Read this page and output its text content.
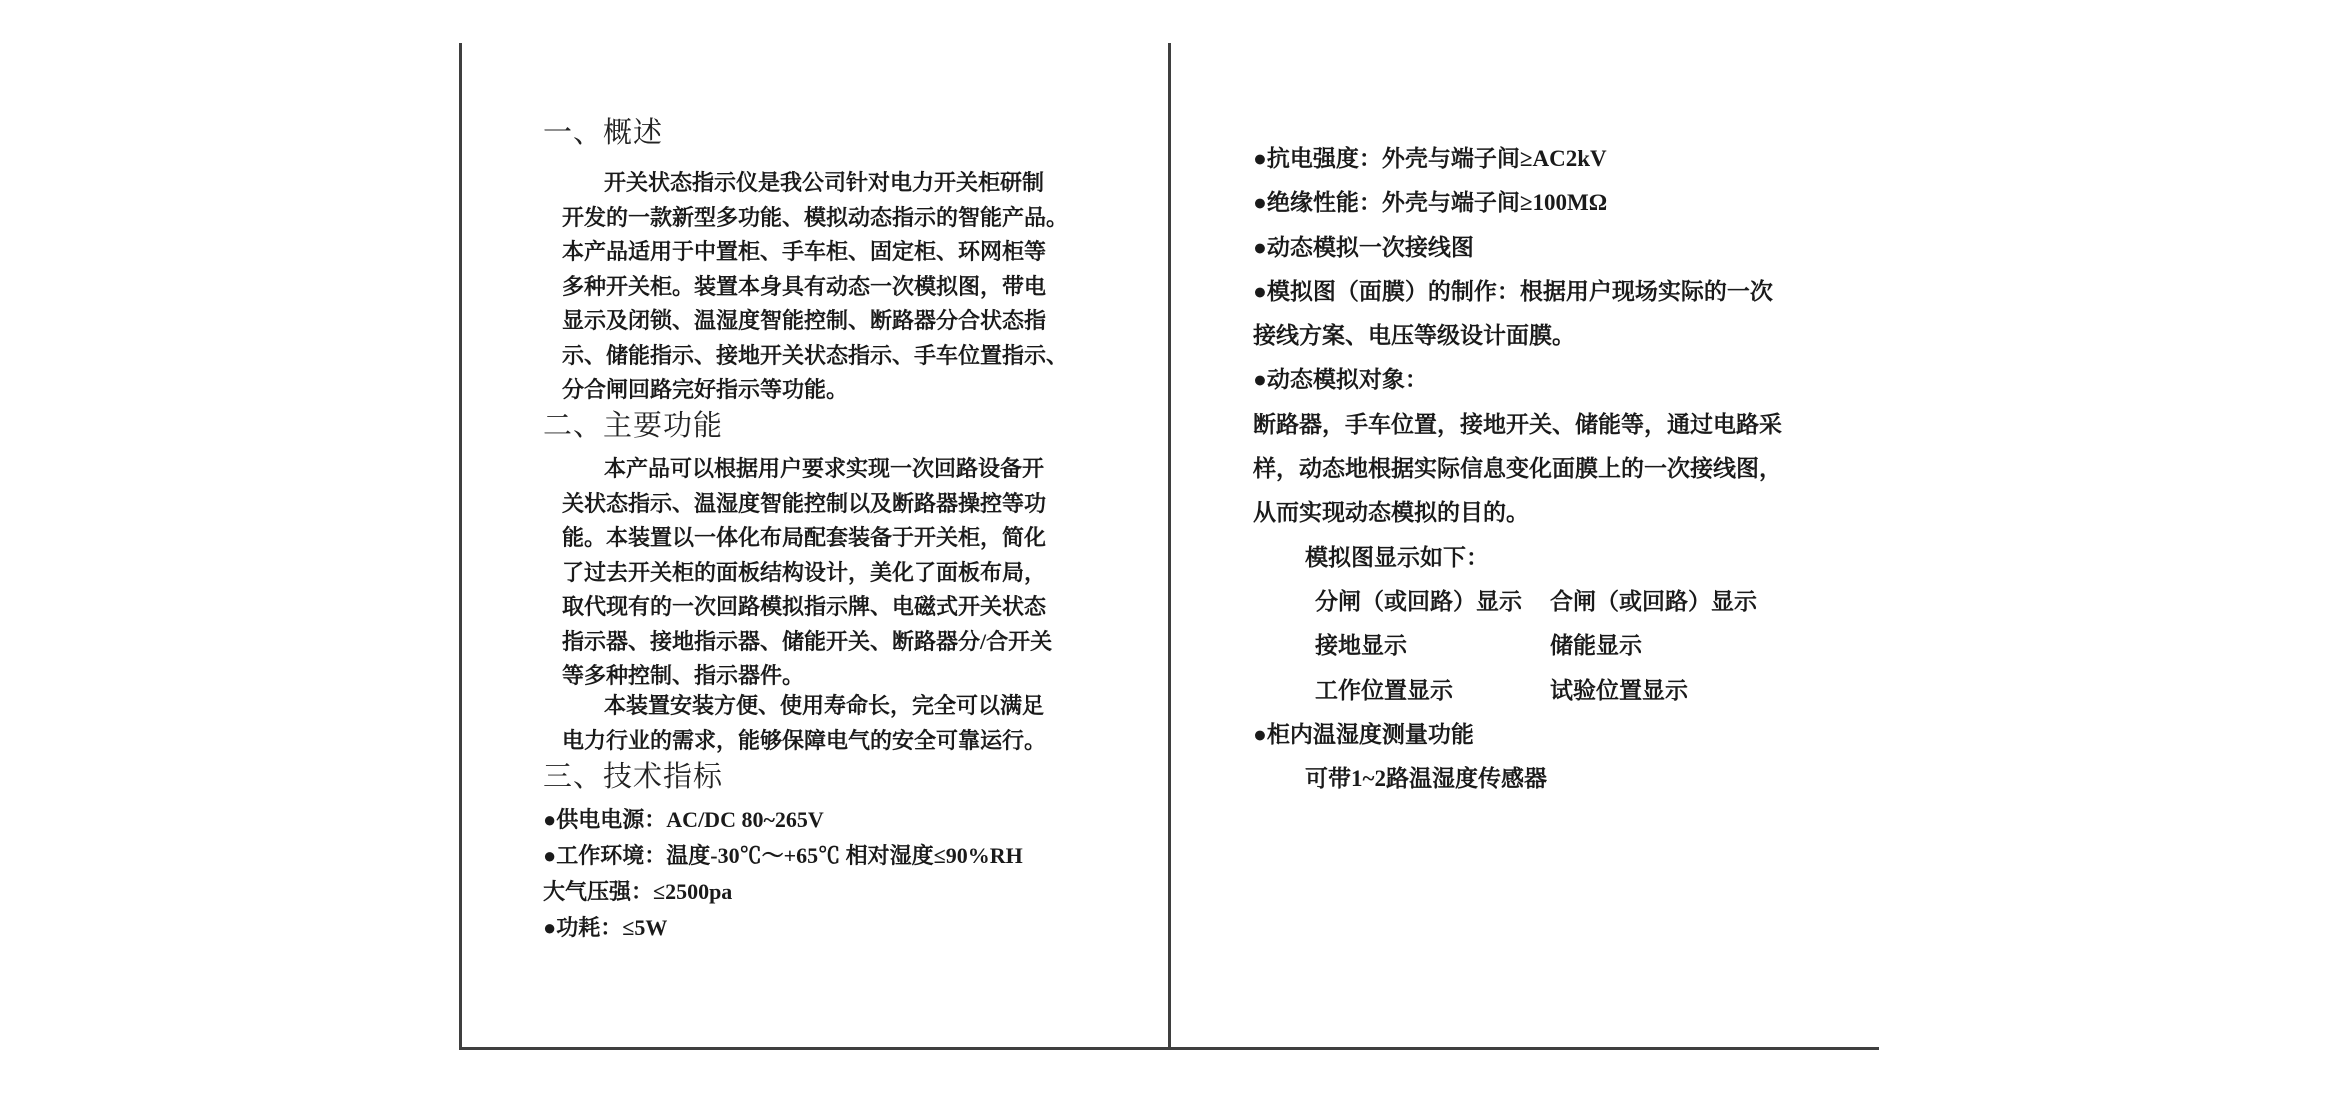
一、概述
开关状态指示仪是我公司针对电力开关柜研制
开发的一款新型多功能、模拟动态指示的智能产品。
本产品适用于中置柜、手车柜、固定柜、环网柜等
多种开关柜。装置本身具有动态一次模拟图，带电
显示及闭锁、温湿度智能控制、断路器分合状态指
示、储能指示、接地开关状态指示、手车位置指示、
分合闸回路完好指示等功能。
二、主要功能
本产品可以根据用户要求实现一次回路设备开
关状态指示、温湿度智能控制以及断路器操控等功
能。本装置以一体化布局配套装备于开关柜，简化
了过去开关柜的面板结构设计，美化了面板布局，
取代现有的一次回路模拟指示牌、电磁式开关状态
指示器、接地指示器、储能开关、断路器分/合开关
等多种控制、指示器件。
本装置安装方便、使用寿命长，完全可以满足
电力行业的需求，能够保障电气的安全可靠运行。
三、技术指标
●供电电源：AC/DC 80~265V
●工作环境：温度-30℃～+65℃ 相对湿度≤90%RH
大气压强：≤2500pa
●功耗：≤5W
●抗电强度：外壳与端子间≥AC2kV
●绝缘性能：外壳与端子间≥100MΩ
●动态模拟一次接线图
●模拟图（面膜）的制作：根据用户现场实际的一次
接线方案、电压等级设计面膜。
●动态模拟对象：
断路器，手车位置，接地开关、储能等，通过电路采
样，动态地根据实际信息变化面膜上的一次接线图，
从而实现动态模拟的目的。
模拟图显示如下：
分闸（或回路）显示 合闸（或回路）显示
接地显示	储能显示
工作位置显示	试验位置显示
●柜内温湿度测量功能
可带1~2路温湿度传感器
